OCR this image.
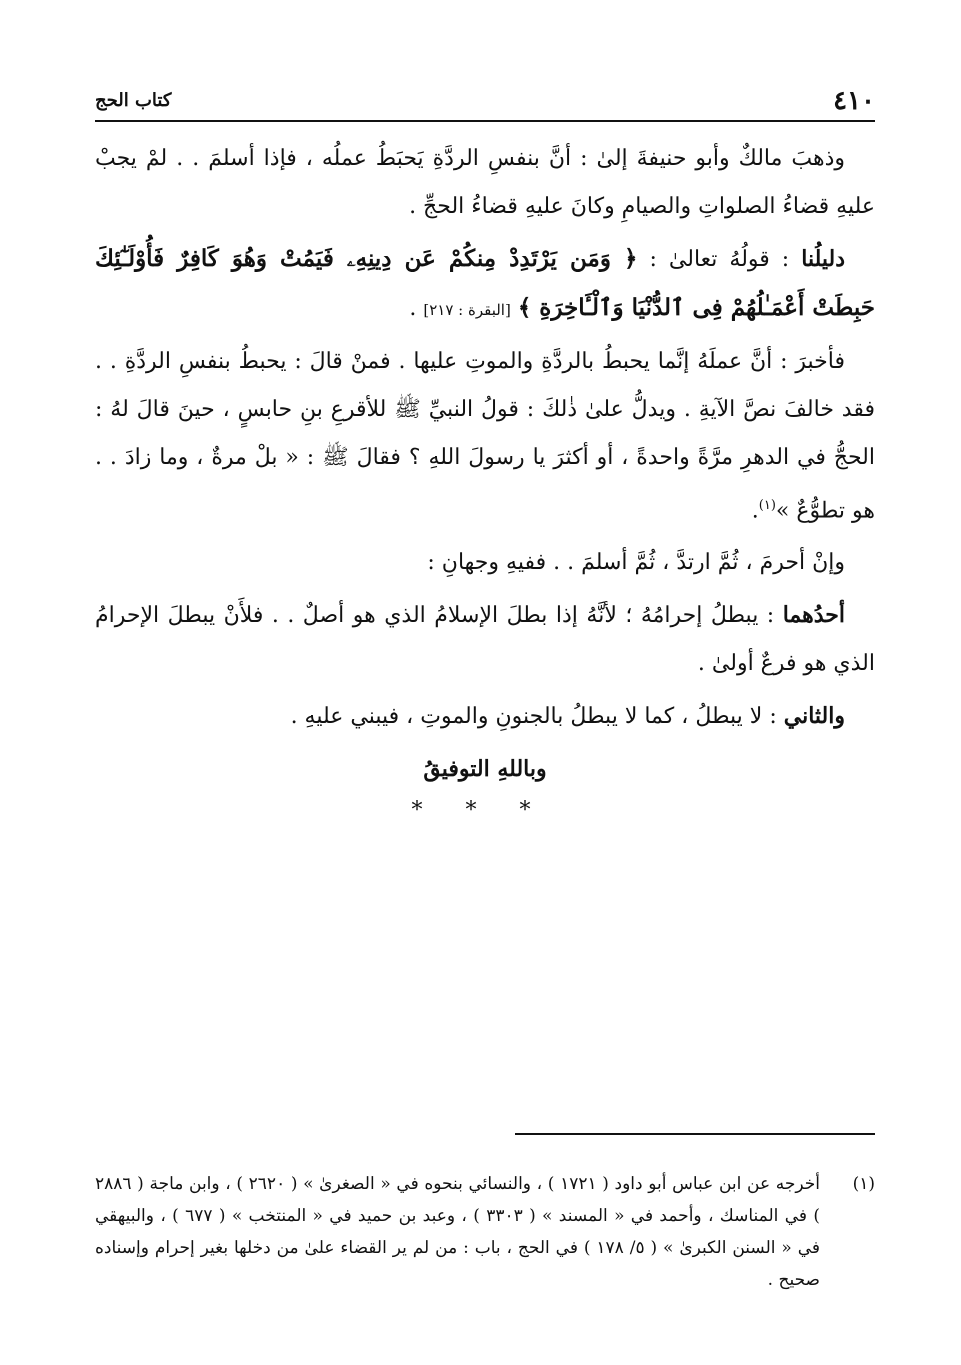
٤١٠
كتاب الحج

وذهبَ مالكٌ وأبو حنيفةَ إلىٰ : أنَّ بنفسِ الردَّةِ يَحبَطُ عملُه ، فإذا أسلمَ . . لمْ يجبْ عليهِ قضاءُ الصلواتِ والصيامِ وكانَ عليهِ قضاءُ الحجِّ .

دليلُنا : قولُهُ تعالىٰ : ﴿ وَمَن يَرْتَدِدْ مِنكُمْ عَن دِينِهِۦ فَيَمُتْ وَهُوَ كَافِرٌ فَأُوْلَـٰٓئِكَ حَبِطَتْ أَعْمَـٰلُهُمْ فِى ٱلدُّنْيَا وَٱلْـَٔاخِرَةِ ﴾ [البقرة : ٢١٧] .

فأخبرَ : أنَّ عملَهُ إنَّما يحبطُ بالردَّةِ والموتِ عليها . فمنْ قالَ : يحبطُ بنفسِ الردَّةِ . . فقد خالفَ نصَّ الآيةِ . ويدلُّ علىٰ ذٰلكَ : قولُ النبيِّ ﷺ للأقرعِ بنِ حابسٍ ، حينَ قالَ لهُ : الحجُّ في الدهرِ مرَّةً واحدةً ، أو أكثرَ يا رسولَ اللهِ ؟ فقالَ ﷺ : « بلْ مرةٌ ، وما زادَ . . هو تطوُّعٌ »$^{(١)}$.

وإنْ أحرمَ ، ثُمَّ ارتدَّ ، ثُمَّ أسلمَ . . ففيهِ وجهانِ :

أحدُهما : يبطلُ إحرامُهُ ؛ لأنَّهُ إذا بطلَ الإسلامُ الذي هو أصلٌ . . فلأَنْ يبطلَ الإحرامُ الذي هو فرعٌ أولىٰ .

والثاني : لا يبطلُ ، كما لا يبطلُ بالجنونِ والموتِ ، فيبني عليهِ .

وباللهِ التوفيقُ

* * *
(١)
أخرجه عن ابن عباس أبو داود ( ١٧٢١ ) ، والنسائي بنحوه في « الصغرىٰ » ( ٢٦٢٠ ) ، وابن ماجة ( ٢٨٨٦ ) في المناسك ، وأحمد في « المسند » ( ٣٣٠٣ ) ، وعبد بن حميد في « المنتخب » ( ٦٧٧ ) ، والبيهقي في « السنن الكبرىٰ » ( ٥/ ١٧٨ ) في الحج ، باب : من لم ير القضاء علىٰ من دخلها بغير إحرام وإسناده صحيح .
